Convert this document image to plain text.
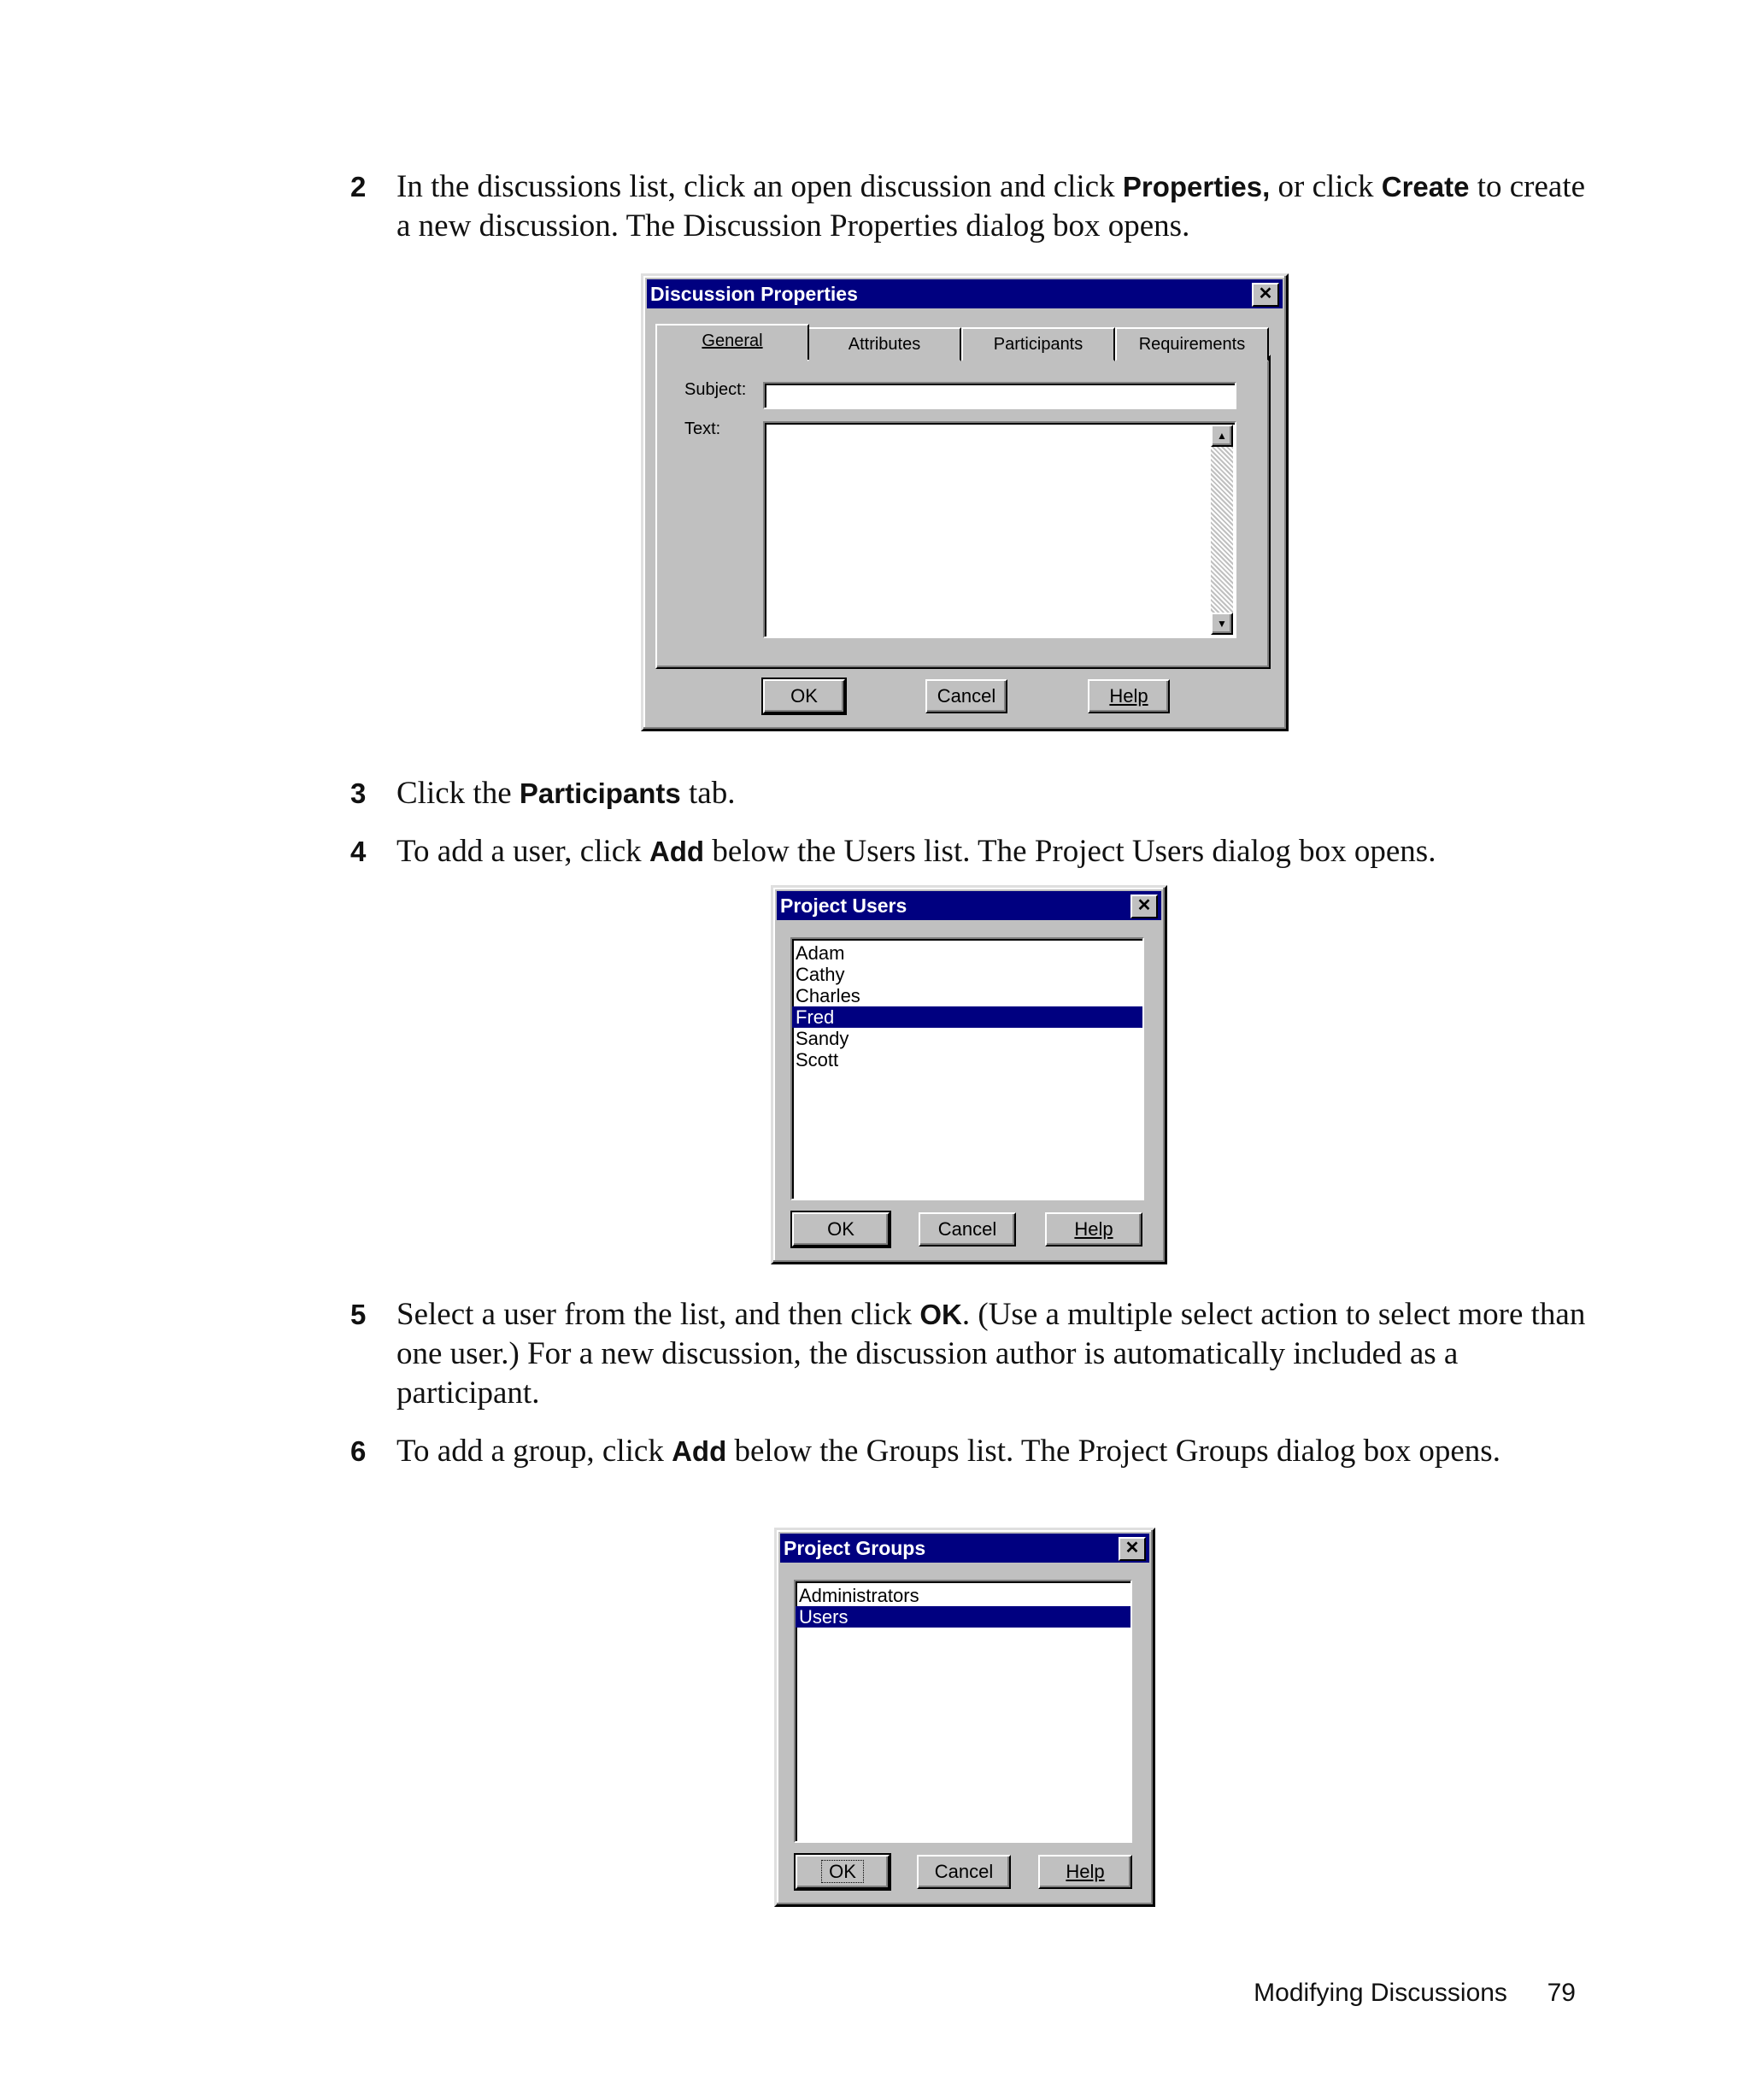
2 In the discussions list, click an open discussion and click Properties, or click Create to create a new discussion. The Discussion Properties dialog box opens.
Discussion Properties	✕
General	Attributes	Participants	Requirements
Subject:
Text:	▲
▼
OK	Cancel	Help
3 Click the Participants tab.
4 To add a user, click Add below the Users list. The Project Users dialog box opens.
Project Users	✕
Adam
Cathy
Charles
Fred
Sandy
Scott
OK	Cancel	Help
5 Select a user from the list, and then click OK. (Use a multiple select action to select more than one user.) For a new discussion, the discussion author is automatically included as a participant.
6 To add a group, click Add below the Groups list. The Project Groups dialog box opens.
Project Groups	✕
Administrators
Users
OK	Cancel	Help
Modifying Discussions 79
